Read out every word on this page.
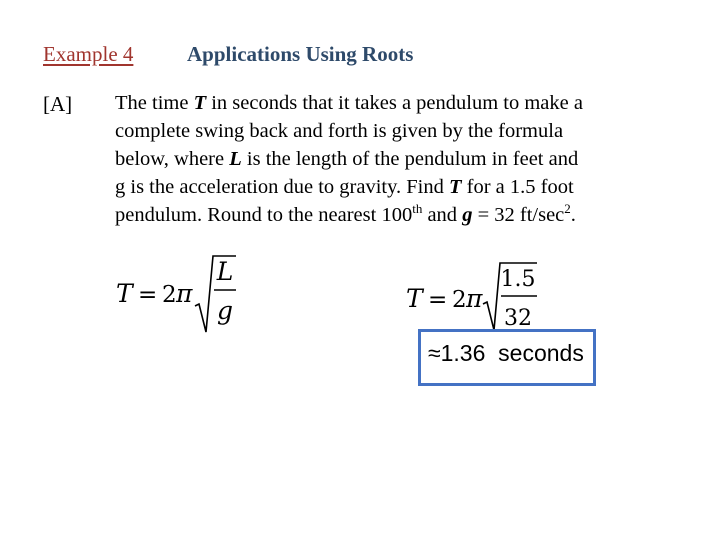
Example 4	Applications Using Roots
[A] The time T in seconds that it takes a pendulum to make a
complete swing back and forth is given by the formula
below, where L is the length of the pendulum in feet and
g is the acceleration due to gravity. Find T for a 1.5 foot
pendulum. Round to the nearest 100th and g = 32 $ft/\sec^2$.
T = 2 π
L
g	T = 2 π
1.5
32
≈1.36 seconds
